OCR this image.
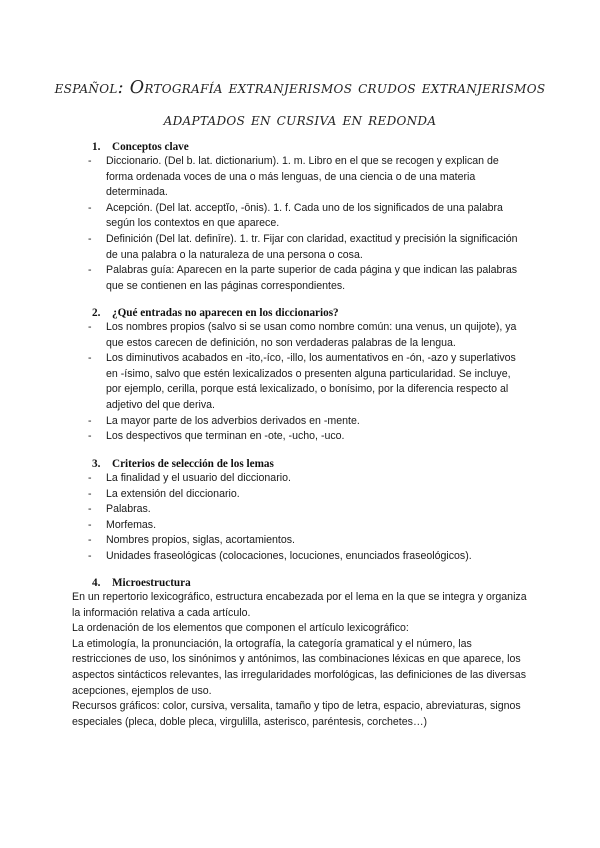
español: Ortografía extranjerismos crudos extranjerismos adaptados en cursiva en redonda
1.	Conceptos clave
- Diccionario. (Del b. lat. dictionarium). 1. m. Libro en el que se recogen y explican de forma ordenada voces de una o más lenguas, de una ciencia o de una materia determinada.
- Acepción. (Del lat. acceptĭo, -ōnis). 1. f. Cada uno de los significados de una palabra según los contextos en que aparece.
- Definición (Del lat. definīre). 1. tr. Fijar con claridad, exactitud y precisión la significación de una palabra o la naturaleza de una persona o cosa.
- Palabras guía: Aparecen en la parte superior de cada página y que indican las palabras que se contienen en las páginas correspondientes.
2.	¿Qué entradas no aparecen en los diccionarios?
- Los nombres propios (salvo si se usan como nombre común: una venus, un quijote), ya que estos carecen de definición, no son verdaderas palabras de la lengua.
- Los diminutivos acabados en -ito,-íco, -illo, los aumentativos en -ón, -azo y superlativos en -ísimo, salvo que estén lexicalizados o presenten alguna particularidad. Se incluye, por ejemplo, cerilla, porque está lexicalizado, o bonísimo, por la diferencia respecto al adjetivo del que deriva.
- La mayor parte de los adverbios derivados en -mente.
- Los despectivos que terminan en -ote, -ucho, -uco.
3.	Criterios de selección de los lemas
- La finalidad y el usuario del diccionario.
- La extensión del diccionario.
- Palabras.
- Morfemas.
- Nombres propios, siglas, acortamientos.
- Unidades fraseológicas (colocaciones, locuciones, enunciados fraseológicos).
4.	Microestructura
En un repertorio lexicográfico, estructura encabezada por el lema en la que se integra y organiza la información relativa a cada artículo.
La ordenación de los elementos que componen el artículo lexicográfico:
La etimología, la pronunciación, la ortografía, la categoría gramatical y el número, las restricciones de uso, los sinónimos y antónimos, las combinaciones léxicas en que aparece, los aspectos sintácticos relevantes, las irregularidades morfológicas, las definiciones de las diversas acepciones, ejemplos de uso.
Recursos gráficos: color, cursiva, versalita, tamaño y tipo de letra, espacio, abreviaturas, signos especiales (pleca, doble pleca, virgulilla, asterisco, paréntesis, corchetes…)
